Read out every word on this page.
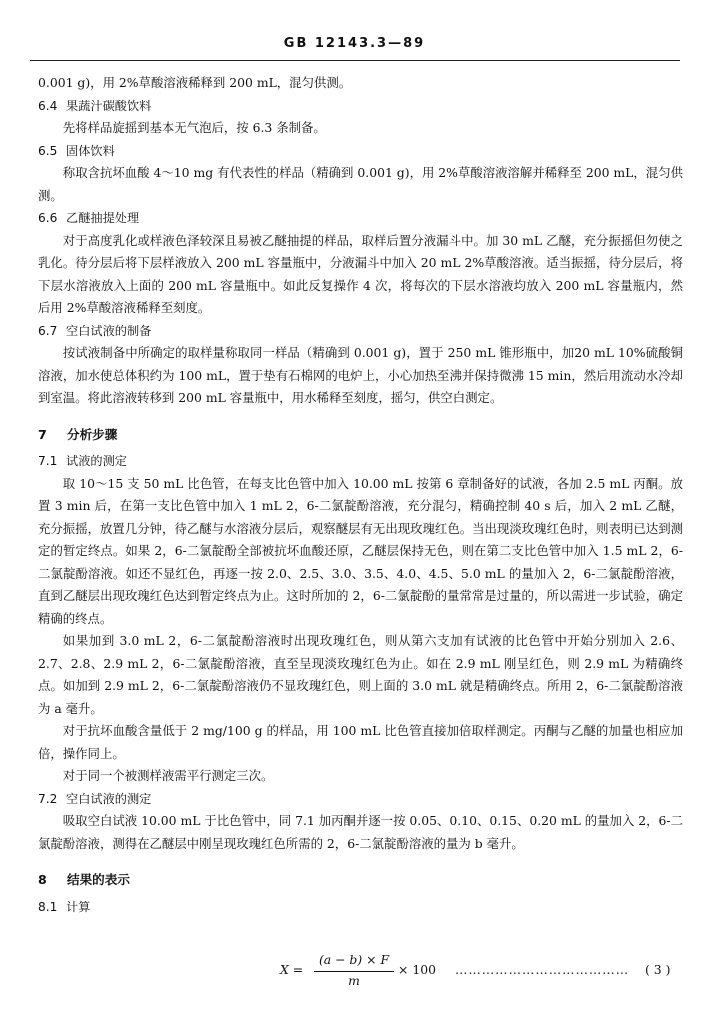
GB 12143.3—89

0.001 g)，用 2%草酸溶液稀释到 200 mL，混匀供测。

6.4 果蔬汁碳酸饮料

先将样品旋摇到基本无气泡后，按 6.3 条制备。

6.5 固体饮料

称取含抗坏血酸 4～10 mg 有代表性的样品（精确到 0.001 g)，用 2%草酸溶液溶解并稀释至 200 mL，混匀供测。

6.6 乙醚抽提处理

对于高度乳化或样液色泽较深且易被乙醚抽提的样品，取样后置分液漏斗中。加 30 mL 乙醚，充分振摇但勿使之乳化。待分层后将下层样液放入 200 mL 容量瓶中，分液漏斗中加入 20 mL 2%草酸溶液。适当振摇，待分层后，将下层水溶液放入上面的 200 mL 容量瓶中。如此反复操作 4 次，将每次的下层水溶液均放入 200 mL 容量瓶内，然后用 2%草酸溶液稀释至刻度。

6.7 空白试液的制备

按试液制备中所确定的取样量称取同一样品（精确到 0.001 g)，置于 250 mL 锥形瓶中，加20 mL 10%硫酸铜溶液，加水使总体积约为 100 mL，置于垫有石棉网的电炉上，小心加热至沸并保持微沸 15 min，然后用流动水冷却到室温。将此溶液转移到 200 mL 容量瓶中，用水稀释至刻度，摇匀，供空白测定。

7 分析步骤
7.1 试液的测定

取 10～15 支 50 mL 比色管，在每支比色管中加入 10.00 mL 按第 6 章制备好的试液，各加 2.5 mL 丙酮。放置 3 min 后，在第一支比色管中加入 1 mL 2，6-二氯靛酚溶液，充分混匀，精确控制 40 s 后，加入 2 mL 乙醚，充分振摇，放置几分钟，待乙醚与水溶液分层后，观察醚层有无出现玫瑰红色。当出现淡玫瑰红色时，则表明已达到测定的暂定终点。如果 2，6-二氯靛酚全部被抗坏血酸还原，乙醚层保持无色，则在第二支比色管中加入 1.5 mL 2，6-二氯靛酚溶液。如还不显红色，再逐一按 2.0、2.5、3.0、3.5、4.0、4.5、5.0 mL 的量加入 2，6-二氯靛酚溶液，直到乙醚层出现玫瑰红色达到暂定终点为止。这时所加的 2，6-二氯靛酚的量常常是过量的，所以需进一步试验，确定精确的终点。

如果加到 3.0 mL 2，6-二氯靛酚溶液时出现玫瑰红色，则从第六支加有试液的比色管中开始分别加入 2.6、2.7、2.8、2.9 mL 2，6-二氯靛酚溶液，直至呈现淡玫瑰红色为止。如在 2.9 mL 刚呈红色，则 2.9 mL 为精确终点。如加到 2.9 mL 2，6-二氯靛酚溶液仍不显玫瑰红色，则上面的 3.0 mL 就是精确终点。所用 2，6-二氯靛酚溶液为 a 毫升。

对于抗坏血酸含量低于 2 mg/100 g 的样品，用 100 mL 比色管直接加倍取样测定。丙酮与乙醚的加量也相应加倍，操作同上。

对于同一个被测样液需平行测定三次。

7.2 空白试液的测定

吸取空白试液 10.00 mL 于比色管中，同 7.1 加丙酮并逐一按 0.05、0.10、0.15、0.20 mL 的量加入 2，6-二氯靛酚溶液，测得在乙醚层中刚呈现玫瑰红色所需的 2，6-二氯靛酚溶液的量为 b 毫升。

8 结果的表示
8.1 计算
X =
(a − b) × F
m
× 100 ………………………………… ( 3 )
